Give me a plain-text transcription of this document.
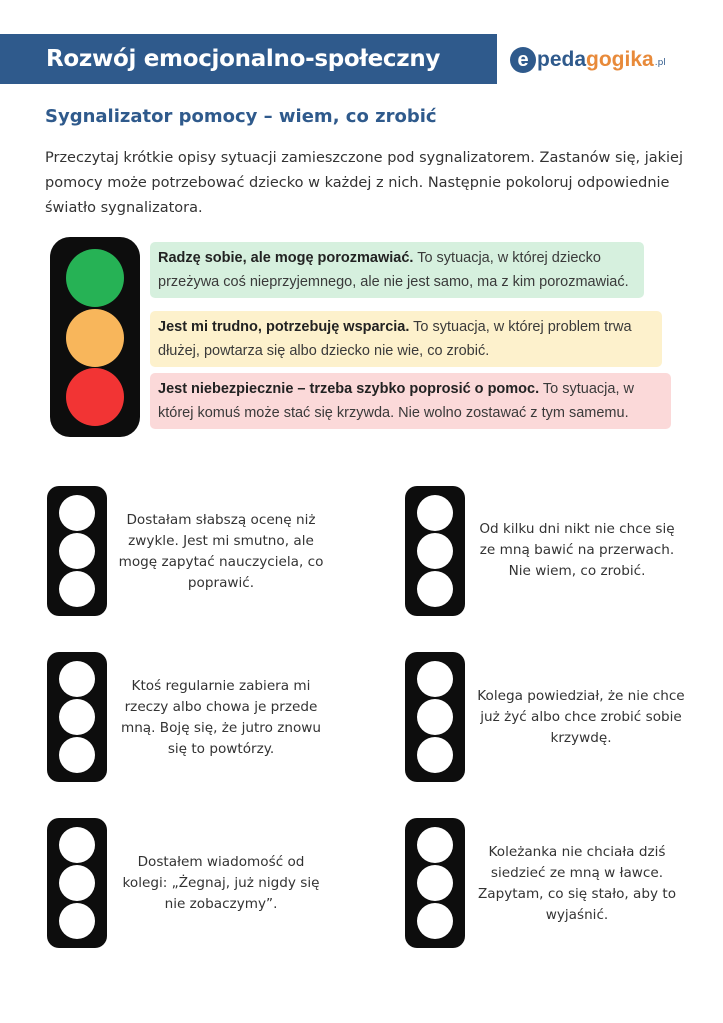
Rozwój emocjonalno-społeczny	e pedagogika .pl
Sygnalizator pomocy – wiem, co zrobić
Przeczytaj krótkie opisy sytuacji zamieszczone pod sygnalizatorem. Zastanów się, jakiej pomocy może potrzebować dziecko w każdej z nich. Następnie pokoloruj odpowiednie światło sygnalizatora.
Radzę sobie, ale mogę porozmawiać. To sytuacja, w której dziecko przeżywa coś nieprzyjemnego, ale nie jest samo, ma z kim porozmawiać.
Jest mi trudno, potrzebuję wsparcia. To sytuacja, w której problem trwa dłużej, powtarza się albo dziecko nie wie, co zrobić.
Jest niebezpiecznie – trzeba szybko poprosić o pomoc. To sytuacja, w której komuś może stać się krzywda. Nie wolno zostawać z tym samemu.
Dostałam słabszą ocenę niż zwykle. Jest mi smutno, ale mogę zapytać nauczyciela, co poprawić.
Od kilku dni nikt nie chce się ze mną bawić na przerwach. Nie wiem, co zrobić.
Ktoś regularnie zabiera mi rzeczy albo chowa je przede mną. Boję się, że jutro znowu się to powtórzy.
Kolega powiedział, że nie chce już żyć albo chce zrobić sobie krzywdę.
Dostałem wiadomość od kolegi: „Żegnaj, już nigdy się nie zobaczymy”.
Koleżanka nie chciała dziś siedzieć ze mną w ławce. Zapytam, co się stało, aby to wyjaśnić.
